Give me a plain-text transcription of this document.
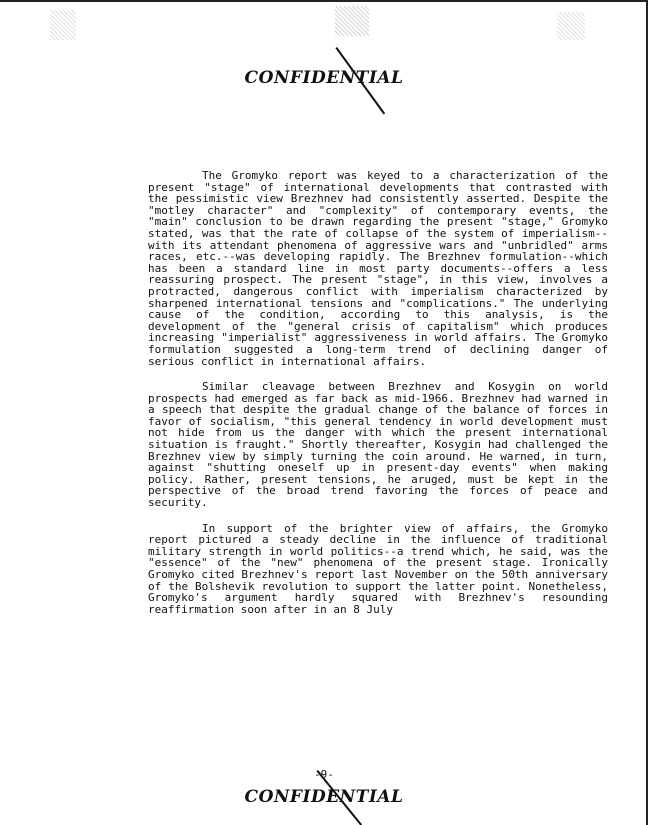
CONFIDENTIAL

The Gromyko report was keyed to a characterization of the present "stage" of international developments that contrasted with the pessimistic view Brezhnev had consistently asserted. Despite the "motley character" and "complexity" of contemporary events, the "main" conclusion to be drawn regarding the present "stage," Gromyko stated, was that the rate of collapse of the system of imperialism--with its attendant phenomena of aggressive wars and "unbridled" arms races, etc.--was developing rapidly. The Brezhnev formulation--which has been a standard line in most party documents--offers a less reassuring prospect. The present "stage", in this view, involves a protracted, dangerous conflict with imperialism characterized by sharpened international tensions and "complications." The underlying cause of the condition, according to this analysis, is the development of the "general crisis of capitalism" which produces increasing "imperialist" aggressiveness in world affairs. The Gromyko formulation suggested a long-term trend of declining danger of serious conflict in international affairs.

Similar cleavage between Brezhnev and Kosygin on world prospects had emerged as far back as mid-1966. Brezhnev had warned in a speech that despite the gradual change of the balance of forces in favor of socialism, "this general tendency in world development must not hide from us the danger with which the present international situation is fraught." Shortly thereafter, Kosygin had challenged the Brezhnev view by simply turning the coin around. He warned, in turn, against "shutting oneself up in present-day events" when making policy. Rather, present tensions, he aruged, must be kept in the perspective of the broad trend favoring the forces of peace and security.

In support of the brighter view of affairs, the Gromyko report pictured a steady decline in the influence of traditional military strength in world politics--a trend which, he said, was the "essence" of the "new" phenomena of the present stage. Ironically Gromyko cited Brezhnev's report last November on the 50th anniversary of the Bolshevik revolution to support the latter point. Nonetheless, Gromyko's argument hardly squared with Brezhnev's resounding reaffirmation soon after in an 8 July

-9-

CONFIDENTIAL
